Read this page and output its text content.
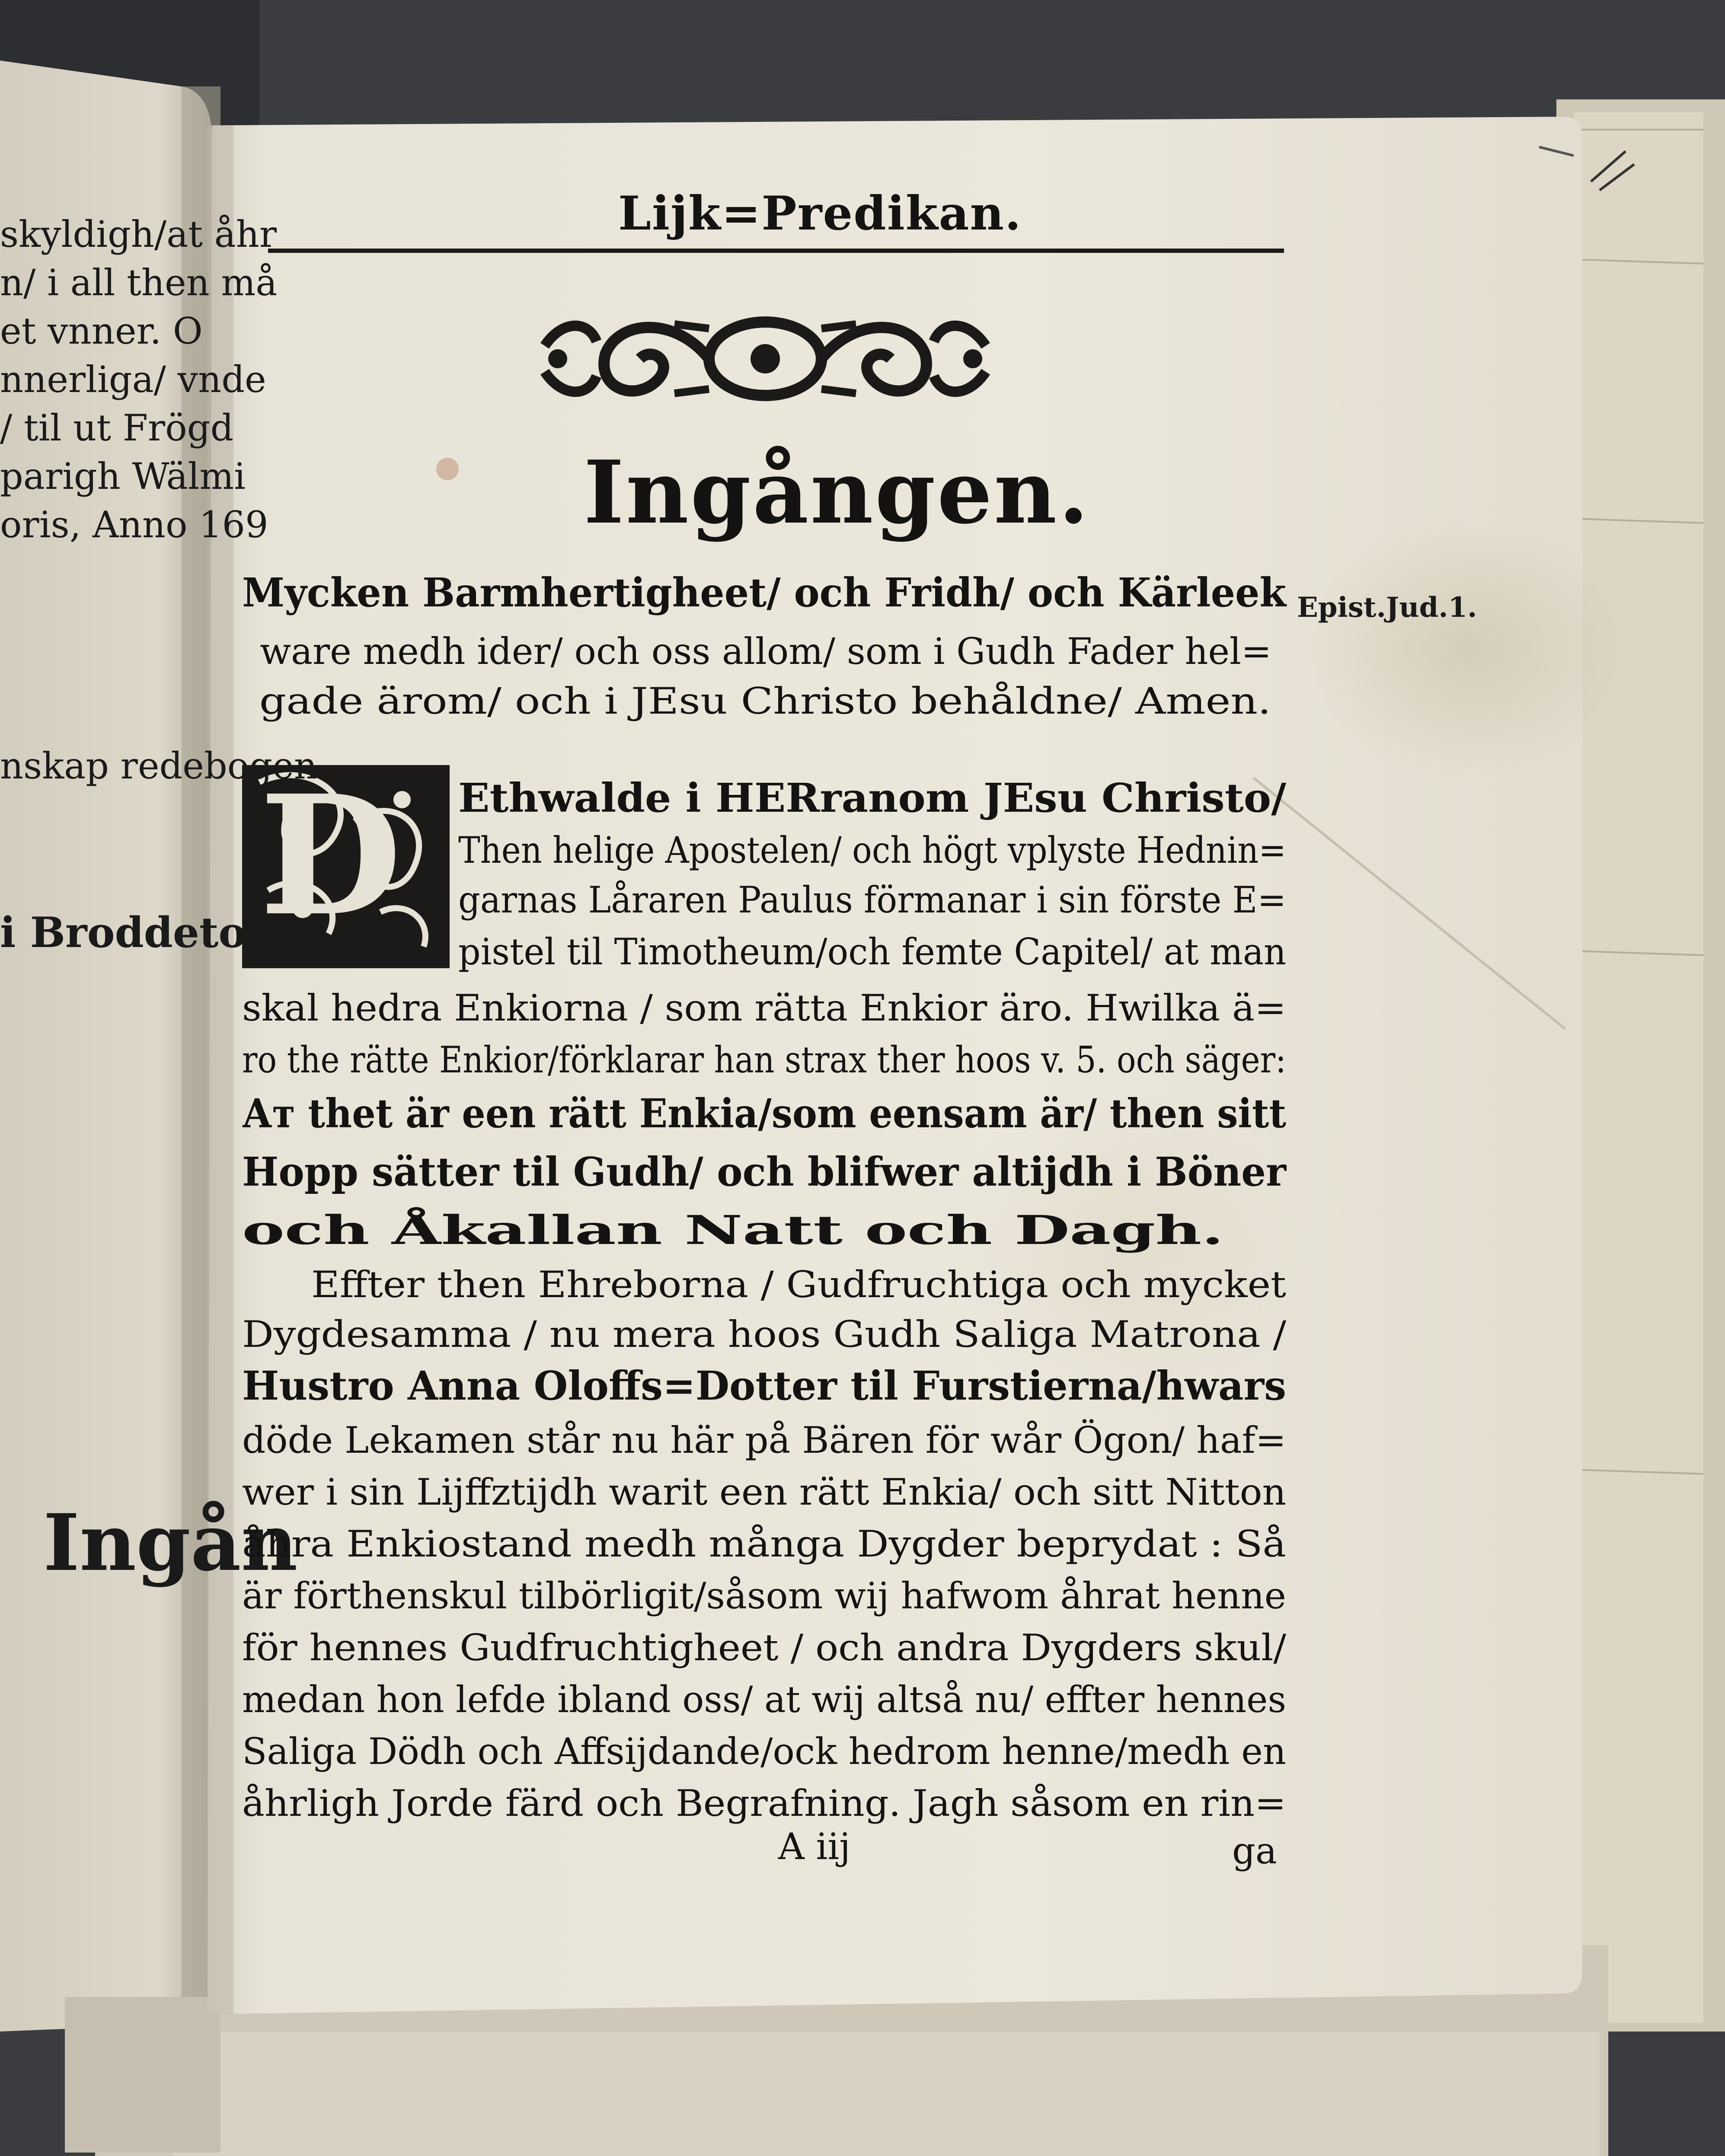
skyldigh/at åhr
n/ i all then må
et vnner. O
nnerliga/ vnde
/ til ut Frögd
parigh Wälmi
oris, Anno 169
nskap redebogen
i Broddetorp
Ingån
Lijk=Predikan.
Ingången.
Epist.Jud.1.
Mycken Barmhertigheet/ och Fridh/ och Kärleek
ware medh ider/ och oss allom/ som i Gudh Fader hel=
gade ärom/ och i JEsu Christo behåldne/ Amen.
D Ethwalde i HERranom JEsu Christo/
Then helige Apostelen/ och högt vplyste Hednin=
garnas Låraren Paulus förmanar i sin förste E=
pistel til Timotheum/och femte Capitel/ at man
skal hedra Enkiorna / som rätta Enkior äro. Hwilka ä=
ro the rätte Enkior/förklarar han strax ther hoos v. 5. och säger:
Ат thet är een rätt Enkia/som eensam är/ then sitt
Hopp sätter til Gudh/ och blifwer altijdh i Böner
och Åkallan Natt och Dagh.
Effter then Ehreborna / Gudfruchtiga och mycket
Dygdesamma / nu mera hoos Gudh Saliga Matrona /
Hustro Anna Oloffs=Dotter til Furstierna/hwars
döde Lekamen står nu här på Bären för wår Ögon/ haf=
wer i sin Lijffztijdh warit een rätt Enkia/ och sitt Nitton
åhra Enkiostand medh många Dygder beprydat : Så
är förthenskul tilbörligit/såsom wij hafwom åhrat henne
för hennes Gudfruchtigheet / och andra Dygders skul/
medan hon lefde ibland oss/ at wij altså nu/ effter hennes
Saliga Dödh och Affsijdande/ock hedrom henne/medh en
åhrligh Jorde färd och Begrafning. Jagh såsom en rin=
A iij	ga
